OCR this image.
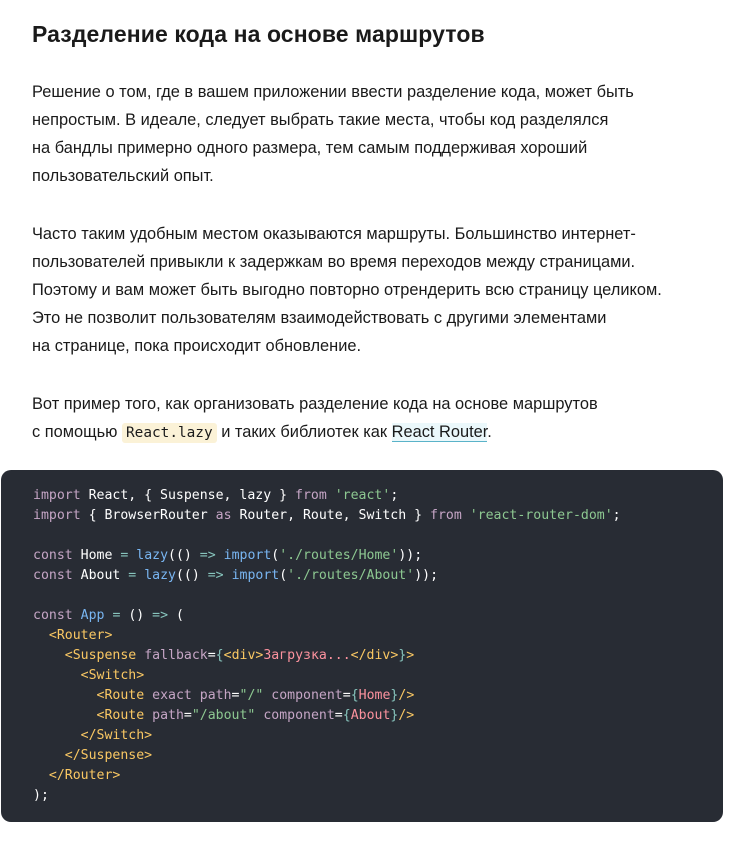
Разделение кода на основе маршрутов

Решение о том, где в вашем приложении ввести разделение кода, может быть
непростым. В идеале, следует выбрать такие места, чтобы код разделялся
на бандлы примерно одного размера, тем самым поддерживая хороший
пользовательский опыт.

Часто таким удобным местом оказываются маршруты. Большинство интернет-
пользователей привыкли к задержкам во время переходов между страницами.
Поэтому и вам может быть выгодно повторно отрендерить всю страницу целиком.
Это не позволит пользователям взаимодействовать с другими элементами
на странице, пока происходит обновление.

Вот пример того, как организовать разделение кода на основе маршрутов
с помощью React.lazy и таких библиотек как React Router.

import React, { Suspense, lazy } from 'react';
import { BrowserRouter as Router, Route, Switch } from 'react-router-dom';

const Home = lazy(() => import('./routes/Home'));
const About = lazy(() => import('./routes/About'));

const App = () => (
<Router>
<Suspense fallback={<div>Загрузка...</div>}>
<Switch>
<Route exact path="/" component={Home}/>
<Route path="/about" component={About}/>
</Switch>
</Suspense>
</Router>
);
